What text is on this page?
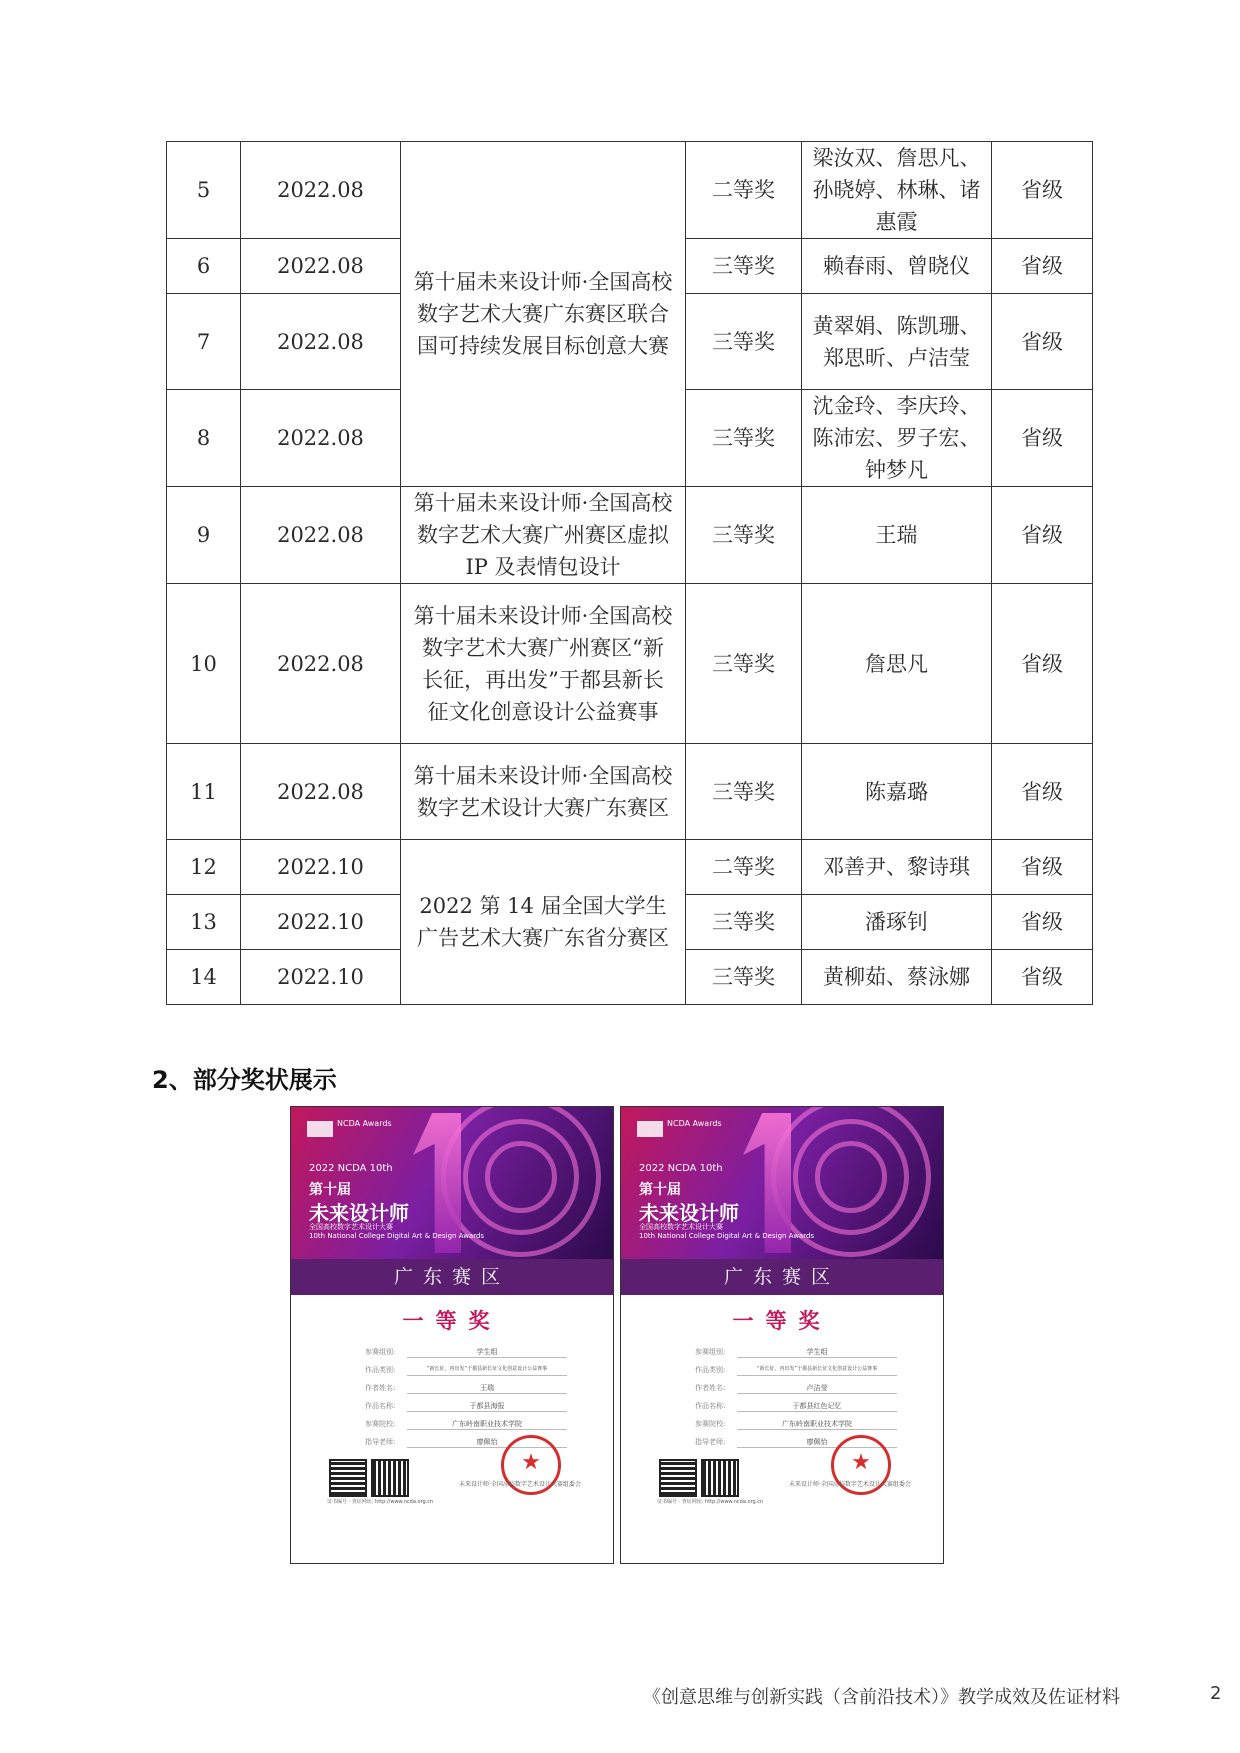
5	2022.08	第十届未来设计师·全国高校数字艺术大赛广东赛区联合国可持续发展目标创意大赛	二等奖	梁汝双、詹思凡、孙晓婷、林琳、诸惠霞	省级
6	2022.08		三等奖	赖春雨、曾晓仪	省级
7	2022.08		三等奖	黄翠娟、陈凯珊、郑思昕、卢洁莹	省级
8	2022.08		三等奖	沈金玲、李庆玲、陈沛宏、罗子宏、钟梦凡	省级
9	2022.08	第十届未来设计师·全国高校数字艺术大赛广州赛区虚拟 IP 及表情包设计	三等奖	王瑞	省级
10	2022.08	第十届未来设计师·全国高校数字艺术大赛广州赛区“新长征，再出发”于都县新长征文化创意设计公益赛事	三等奖	詹思凡	省级
11	2022.08	第十届未来设计师·全国高校数字艺术设计大赛广东赛区	三等奖	陈嘉璐	省级
12	2022.10	2022 第 14 届全国大学生广告艺术大赛广东省分赛区	二等奖	邓善尹、黎诗琪	省级
13	2022.10		三等奖	潘琢钊	省级
14	2022.10		三等奖	黄柳茹、蔡泳娜	省级
2、部分奖状展示
NCDA Awards
2022 NCDA 10th
第十届
未来设计师
全国高校数字艺术设计大赛
10th National College Digital Art & Design Awards
广东赛区
一等奖
参赛组别:	学生组
作品类别:	“新长征，再出发”于都县新长征文化创意设计公益赛事
作者姓名:	王瑞
作品名称:	于都县海报
参赛院校:	广东岭南职业技术学院
指导老师:	廖佩怡
证书编号 · 查证网址: http://www.ncda.org.cn
★
未来设计师·全国高校数字艺术设计大赛组委会
NCDA Awards
2022 NCDA 10th
第十届
未来设计师
全国高校数字艺术设计大赛
10th National College Digital Art & Design Awards
广东赛区
一等奖
参赛组别:	学生组
作品类别:	“新长征，再出发”于都县新长征文化创意设计公益赛事
作者姓名:	卢洁莹
作品名称:	于都县红色记忆
参赛院校:	广东岭南职业技术学院
指导老师:	廖佩怡
证书编号 · 查证网址: http://www.ncda.org.cn
★
未来设计师·全国高校数字艺术设计大赛组委会
《创意思维与创新实践（含前沿技术）》教学成效及佐证材料	2
